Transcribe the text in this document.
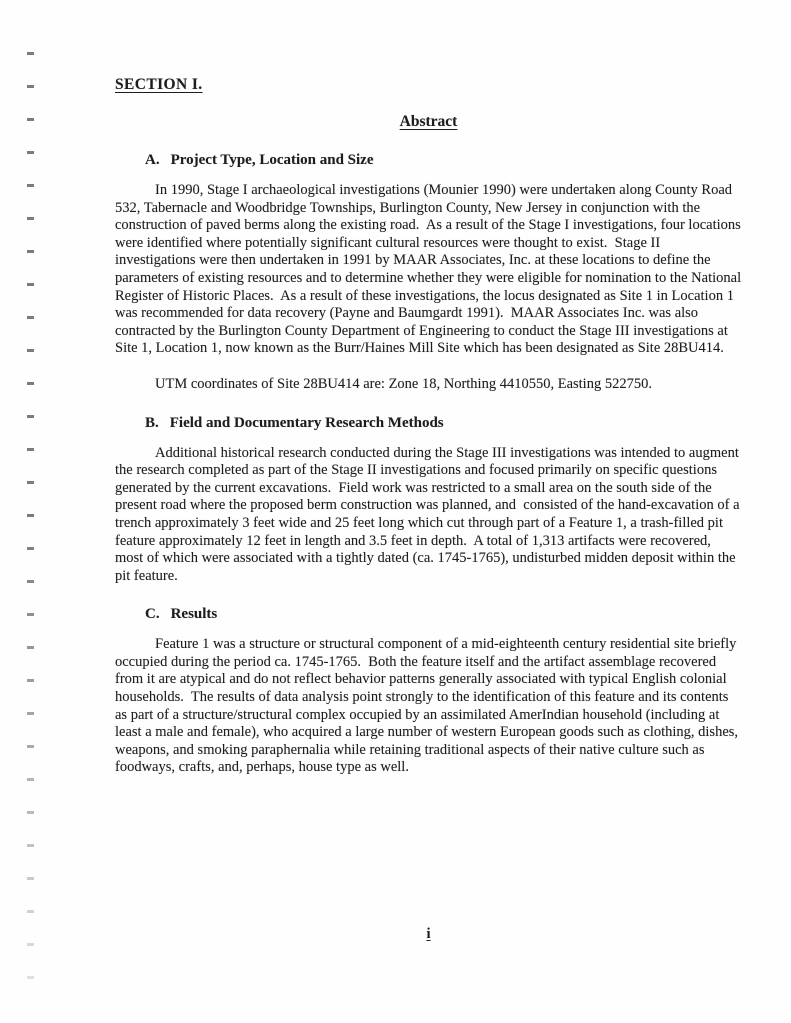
SECTION I.
Abstract
A. Project Type, Location and Size

In 1990, Stage I archaeological investigations (Mounier 1990) were undertaken along County Road 532, Tabernacle and Woodbridge Townships, Burlington County, New Jersey in conjunction with the construction of paved berms along the existing road.  As a result of the Stage I investigations, four locations were identified where potentially significant cultural resources were thought to exist.  Stage II investigations were then undertaken in 1991 by MAAR Associates, Inc. at these locations to define the parameters of existing resources and to determine whether they were eligible for nomination to the National Register of Historic Places.  As a result of these investigations, the locus designated as Site 1 in Location 1 was recommended for data recovery (Payne and Baumgardt 1991).  MAAR Associates Inc. was also contracted by the Burlington County Department of Engineering to conduct the Stage III investigations at Site 1, Location 1, now known as the Burr/Haines Mill Site which has been designated as Site 28BU414.

UTM coordinates of Site 28BU414 are: Zone 18, Northing 4410550, Easting 522750.

B. Field and Documentary Research Methods

Additional historical research conducted during the Stage III investigations was intended to augment the research completed as part of the Stage II investigations and focused primarily on specific questions generated by the current excavations.  Field work was restricted to a small area on the south side of the present road where the proposed berm construction was planned, and  consisted of the hand-excavation of a trench approximately 3 feet wide and 25 feet long which cut through part of a Feature 1, a trash-filled pit feature approximately 12 feet in length and 3.5 feet in depth.  A total of 1,313 artifacts were recovered, most of which were associated with a tightly dated (ca. 1745-1765), undisturbed midden deposit within the pit feature.

C. Results

Feature 1 was a structure or structural component of a mid-eighteenth century residential site briefly occupied during the period ca. 1745-1765.  Both the feature itself and the artifact assemblage recovered from it are atypical and do not reflect behavior patterns generally associated with typical English colonial households.  The results of data analysis point strongly to the identification of this feature and its contents as part of a structure/structural complex occupied by an assimilated AmerIndian household (including at least a male and female), who acquired a large number of western European goods such as clothing, dishes, weapons, and smoking paraphernalia while retaining traditional aspects of their native culture such as foodways, crafts, and, perhaps, house type as well.

i
